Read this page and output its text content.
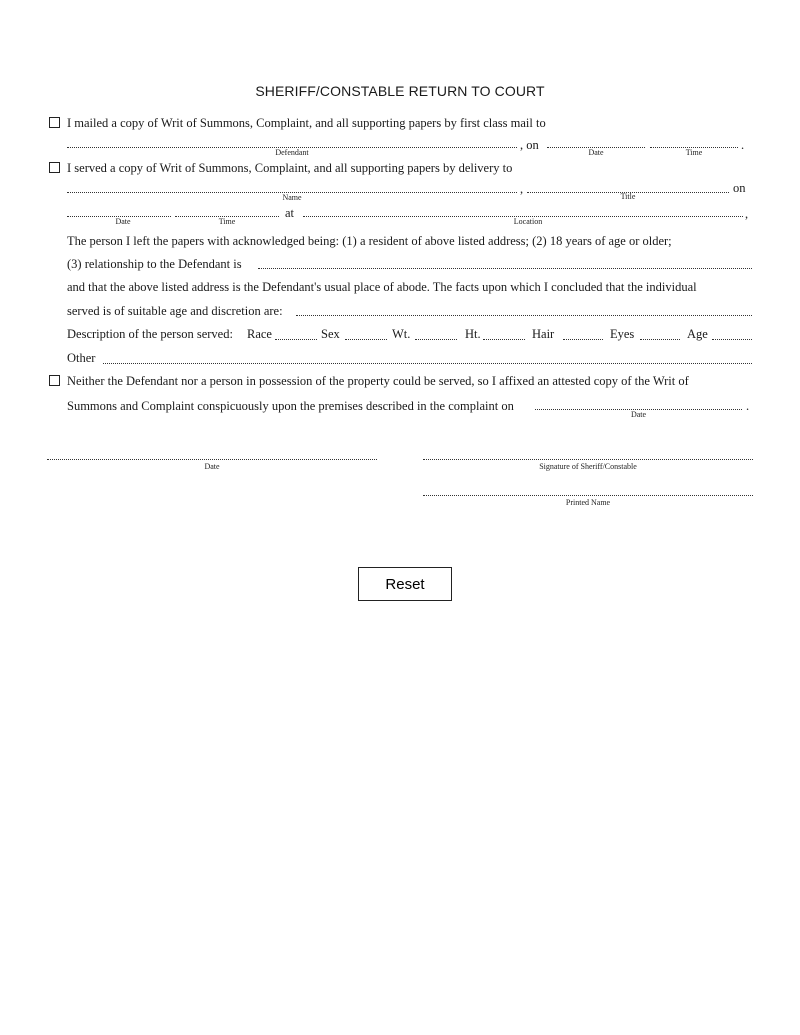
SHERIFF/CONSTABLE RETURN TO COURT
I mailed a copy of Writ of Summons, Complaint, and all supporting papers by first class mail to
, on	.
Defendant	Date	Time
I served a copy of Writ of Summons, Complaint, and all supporting papers by delivery to
,	on
Name	Title
at	,
Date	Time	Location
The person I left the papers with acknowledged being: (1) a resident of above listed address; (2) 18 years of age or older;
(3) relationship to the Defendant is
and that the above listed address is the Defendant's usual place of abode. The facts upon which I concluded that the individual
served is of suitable age and discretion are:
Description of the person served: Race	Sex	Wt.	Ht.	Hair	Eyes	Age
Other
Neither the Defendant nor a person in possession of the property could be served, so I affixed an attested copy of the Writ of
Summons and Complaint conspicuously upon the premises described in the complaint on	.
Date
Date	Signature of Sheriff/Constable
Printed Name
Reset
